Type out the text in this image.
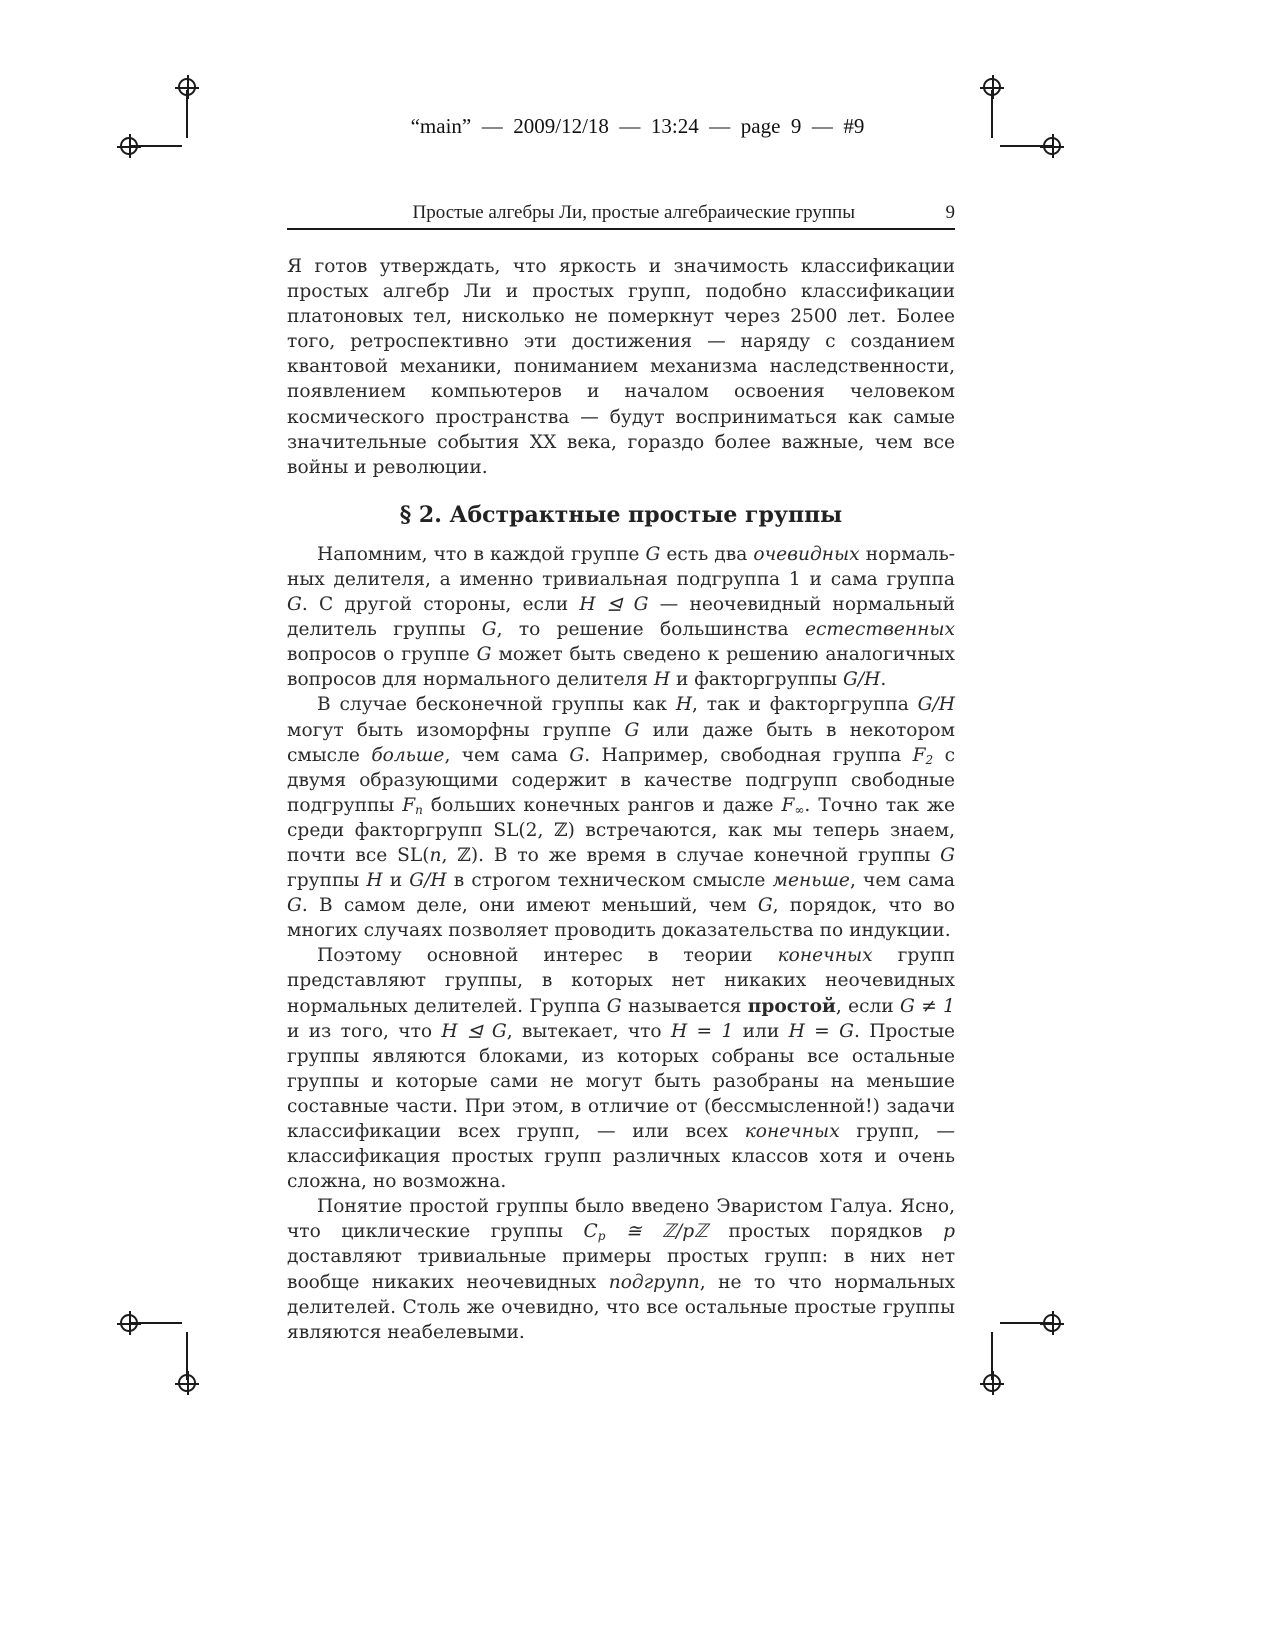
“main”  —  2009/12/18  —  13:24  —  page  9  —  #9
Простые алгебры Ли, простые алгебраические группы	9

Я готов утверждать, что яркость и значимость классификации простых алгебр Ли и простых групп, подобно классификации платоновых тел, нисколько не померкнут через 2500 лет. Более того, ретроспективно эти достижения — наряду с созданием квантовой механики, пониманием механизма наследственности, появлением компьютеров и началом освоения человеком космического пространства — будут восприниматься как самые значительные события XX века, гораздо более важные, чем все войны и революции.

§ 2. Абстрактные простые группы

Напомним, что в каждой группе G есть два очевидных нормальных делителя, а именно тривиальная подгруппа 1 и сама группа G. С другой стороны, если H ⊴ G — неочевидный нормальный делитель группы G, то решение большинства естественных вопросов о группе G может быть сведено к решению аналогичных вопросов для нормального делителя H и факторгруппы G/H.

В случае бесконечной группы как H, так и факторгруппа G/H могут быть изоморфны группе G или даже быть в некотором смысле больше, чем сама G. Например, свободная группа $F_2$ с двумя образующими содержит в качестве подгрупп свободные подгруппы $F_n$ больших конечных рангов и даже $F_\infty$. Точно так же среди факторгрупп SL(2, ℤ) встречаются, как мы теперь знаем, почти все SL(n, ℤ). В то же время в случае конечной группы G группы H и G/H в строгом техническом смысле меньше, чем сама G. В самом деле, они имеют меньший, чем G, порядок, что во многих случаях позволяет проводить доказательства по индукции.

Поэтому основной интерес в теории конечных групп представляют группы, в которых нет никаких неочевидных нормальных делителей. Группа G называется простой, если G ≠ 1 и из того, что H ⊴ G, вытекает, что H = 1 или H = G. Простые группы являются блоками, из которых собраны все остальные группы и которые сами не могут быть разобраны на меньшие составные части. При этом, в отличие от (бессмысленной!) задачи классификации всех групп, — или всех конечных групп, — классификация простых групп различных классов хотя и очень сложна, но возможна.

Понятие простой группы было введено Эваристом Галуа. Ясно, что циклические группы $C_p$ ≅ ℤ/pℤ простых порядков p доставляют тривиальные примеры простых групп: в них нет вообще никаких неочевидных подгрупп, не то что нормальных делителей. Столь же очевидно, что все остальные простые группы являются неабелевыми.
